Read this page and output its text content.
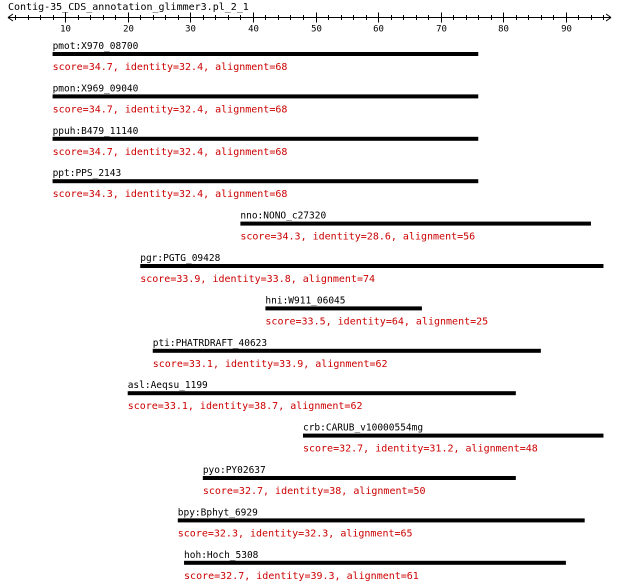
Contig-35_CDS_annotation_glimmer3.pl_2_1
10	20	30	40	50	60	70	80	90
pmot:X970_08700
score=34.7, identity=32.4, alignment=68
pmon:X969_09040
score=34.7, identity=32.4, alignment=68
ppuh:B479_11140
score=34.7, identity=32.4, alignment=68
ppt:PPS_2143
score=34.3, identity=32.4, alignment=68
nno:NONO_c27320
score=34.3, identity=28.6, alignment=56
pgr:PGTG_09428
score=33.9, identity=33.8, alignment=74
hni:W911_06045
score=33.5, identity=64, alignment=25
pti:PHATRDRAFT_40623
score=33.1, identity=33.9, alignment=62
asl:Aeqsu_1199
score=33.1, identity=38.7, alignment=62
crb:CARUB_v10000554mg
score=32.7, identity=31.2, alignment=48
pyo:PY02637
score=32.7, identity=38, alignment=50
bpy:Bphyt_6929
score=32.3, identity=32.3, alignment=65
hoh:Hoch_5308
score=32.7, identity=39.3, alignment=61
